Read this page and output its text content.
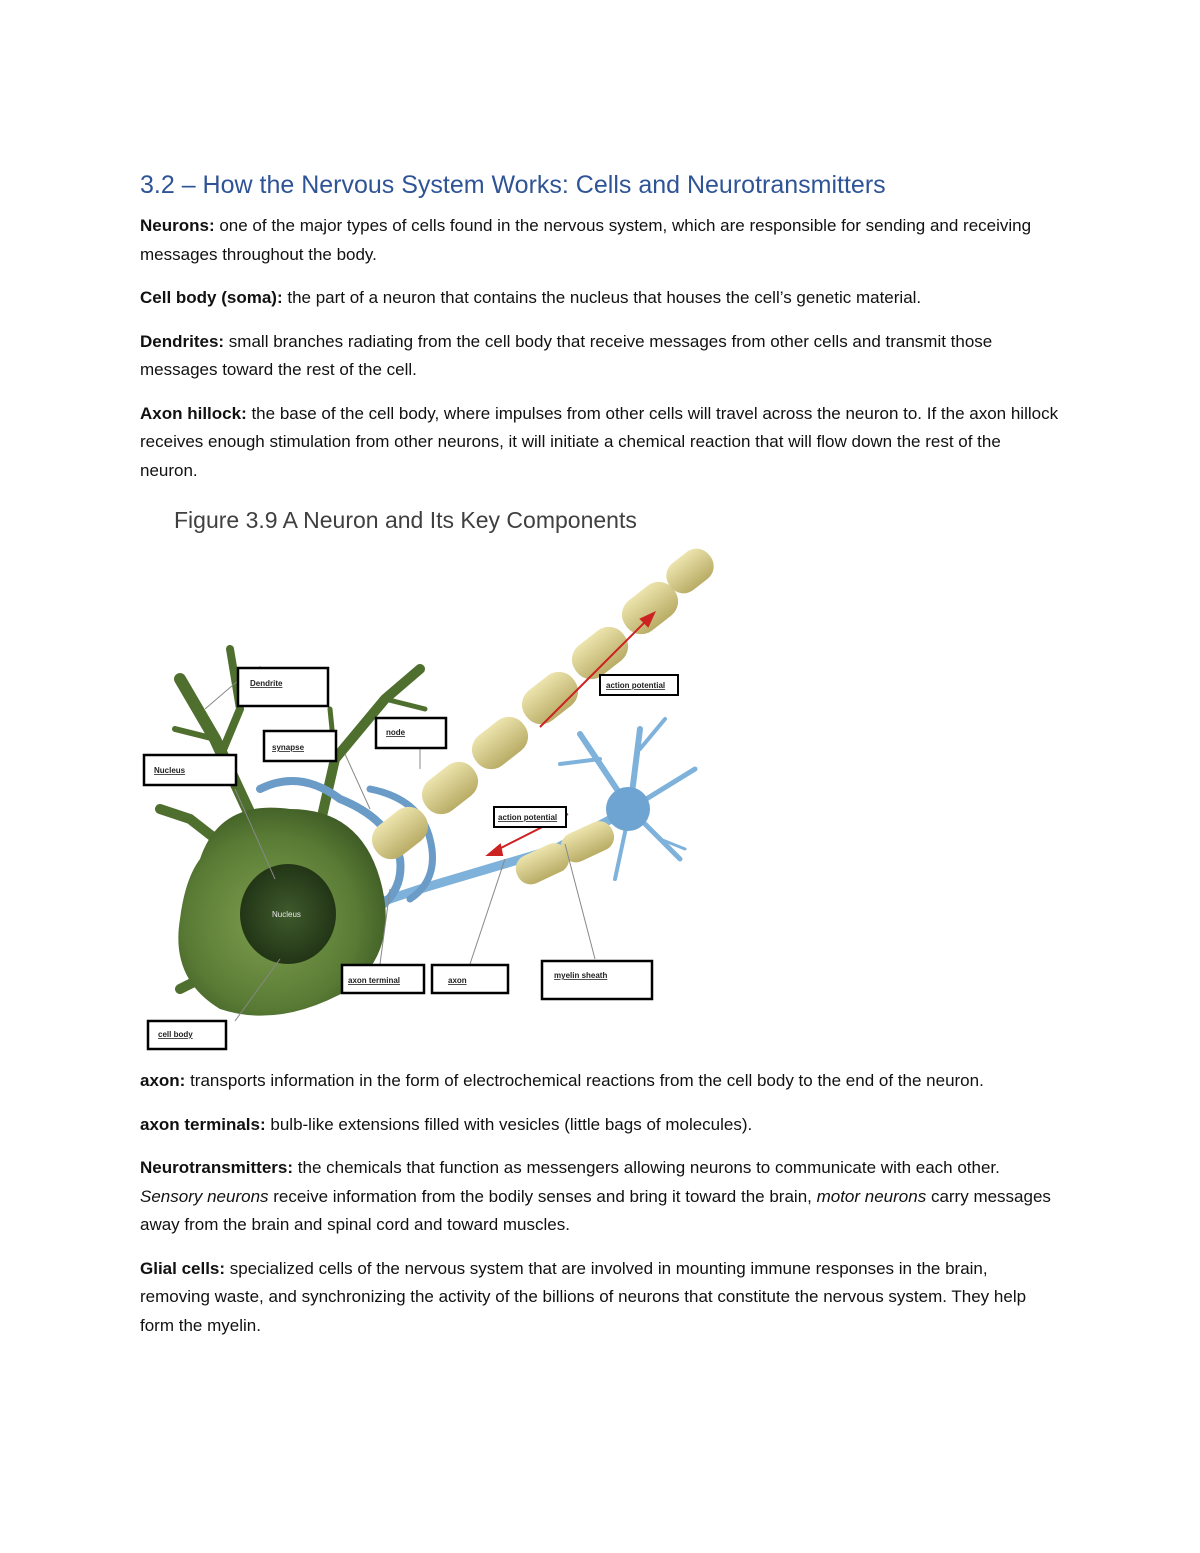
3.2 – How the Nervous System Works: Cells and Neurotransmitters

Neurons: one of the major types of cells found in the nervous system, which are responsible for sending and receiving messages throughout the body.

Cell body (soma): the part of a neuron that contains the nucleus that houses the cell’s genetic material.

Dendrites: small branches radiating from the cell body that receive messages from other cells and transmit those messages toward the rest of the cell.

Axon hillock: the base of the cell body, where impulses from other cells will travel across the neuron to. If the axon hillock receives enough stimulation from other neurons, it will initiate a chemical reaction that will flow down the rest of the neuron.

Figure 3.9 A Neuron and Its Key Components
Nucleus
Dendrite
synapse
node
Nucleus
action potential
action potential
axon terminal	axon
myelin sheath
cell body

axon: transports information in the form of electrochemical reactions from the cell body to the end of the neuron.

axon terminals: bulb-like extensions filled with vesicles (little bags of molecules).

Neurotransmitters: the chemicals that function as messengers allowing neurons to communicate with each other. Sensory neurons receive information from the bodily senses and bring it toward the brain, motor neurons carry messages away from the brain and spinal cord and toward muscles.

Glial cells: specialized cells of the nervous system that are involved in mounting immune responses in the brain, removing waste, and synchronizing the activity of the billions of neurons that constitute the nervous system. They help form the myelin.
